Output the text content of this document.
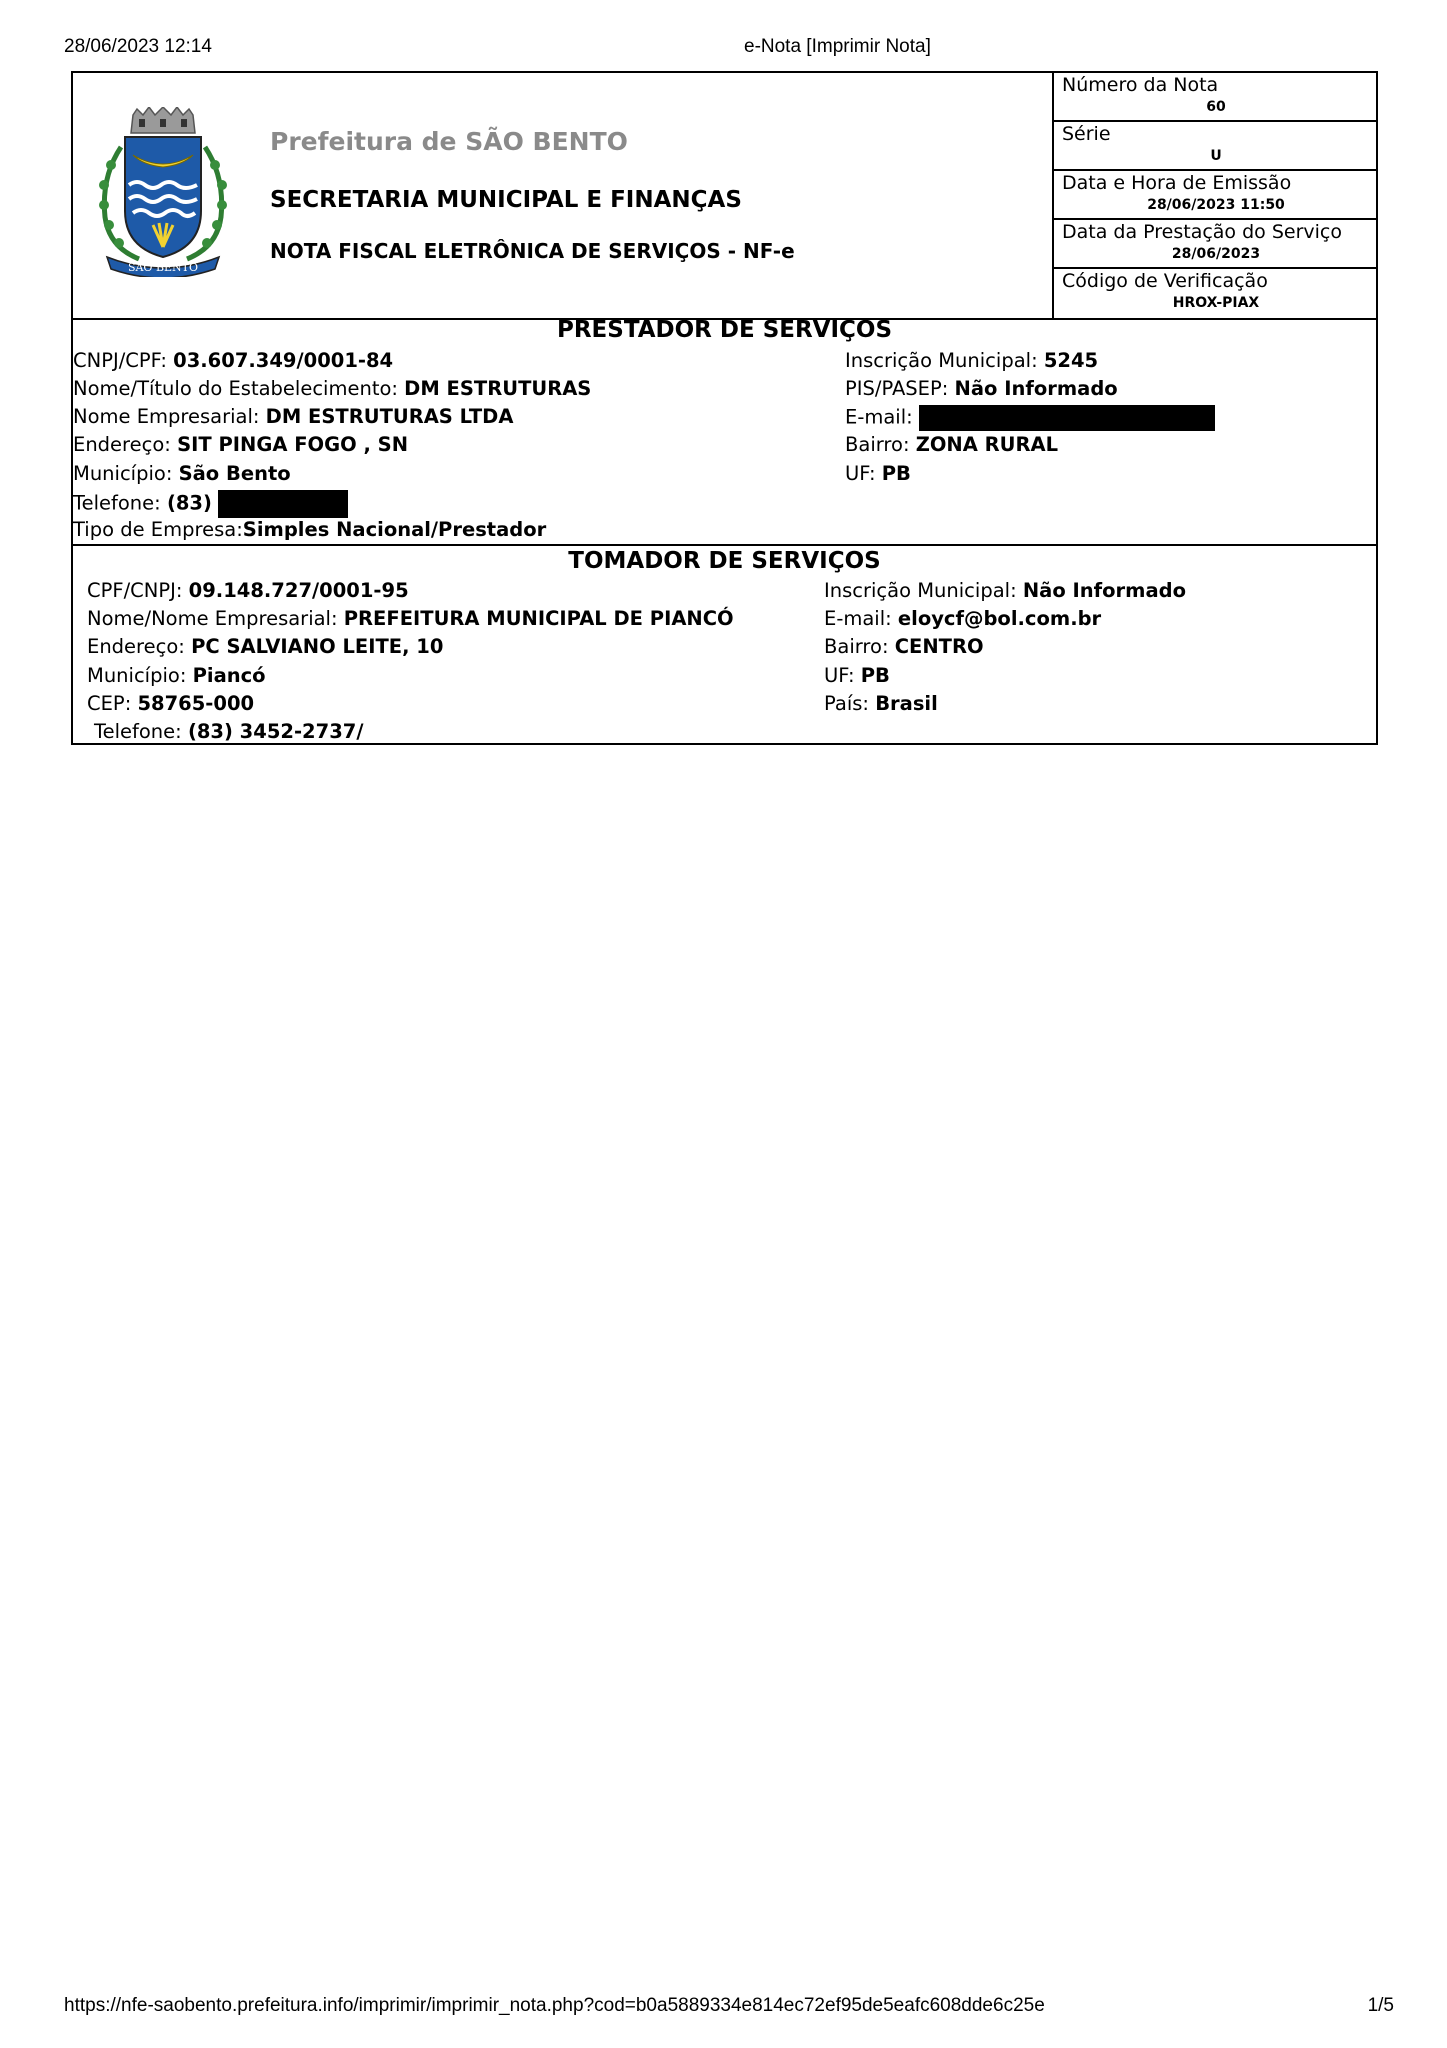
28/06/2023 12:14	e-Nota [Imprimir Nota]
SÃO BENTO
Prefeitura de SÃO BENTO
SECRETARIA MUNICIPAL E FINANÇAS
NOTA FISCAL ELETRÔNICA DE SERVIÇOS - NF-e
Número da Nota
60
Série
U
Data e Hora de Emissão
28/06/2023 11:50
Data da Prestação do Serviço
28/06/2023
Código de Verificação
HROX-PIAX
PRESTADOR DE SERVIÇOS
CNPJ/CPF: 03.607.349/0001-84
Nome/Título do Estabelecimento: DM ESTRUTURAS
Nome Empresarial: DM ESTRUTURAS LTDA
Endereço: SIT PINGA FOGO , SN
Município: São Bento
Telefone: (83)
Tipo de Empresa:Simples Nacional/Prestador
Inscrição Municipal: 5245
PIS/PASEP: Não Informado
E-mail:
Bairro: ZONA RURAL
UF: PB
TOMADOR DE SERVIÇOS
CPF/CNPJ: 09.148.727/0001-95
Nome/Nome Empresarial: PREFEITURA MUNICIPAL DE PIANCÓ
Endereço: PC SALVIANO LEITE, 10
Município: Piancó
CEP: 58765-000
Telefone: (83) 3452-2737/
Inscrição Municipal: Não Informado
E-mail: eloycf@bol.com.br
Bairro: CENTRO
UF: PB
País: Brasil
https://nfe-saobento.prefeitura.info/imprimir/imprimir_nota.php?cod=b0a5889334e814ec72ef95de5eafc608dde6c25e	1/5
